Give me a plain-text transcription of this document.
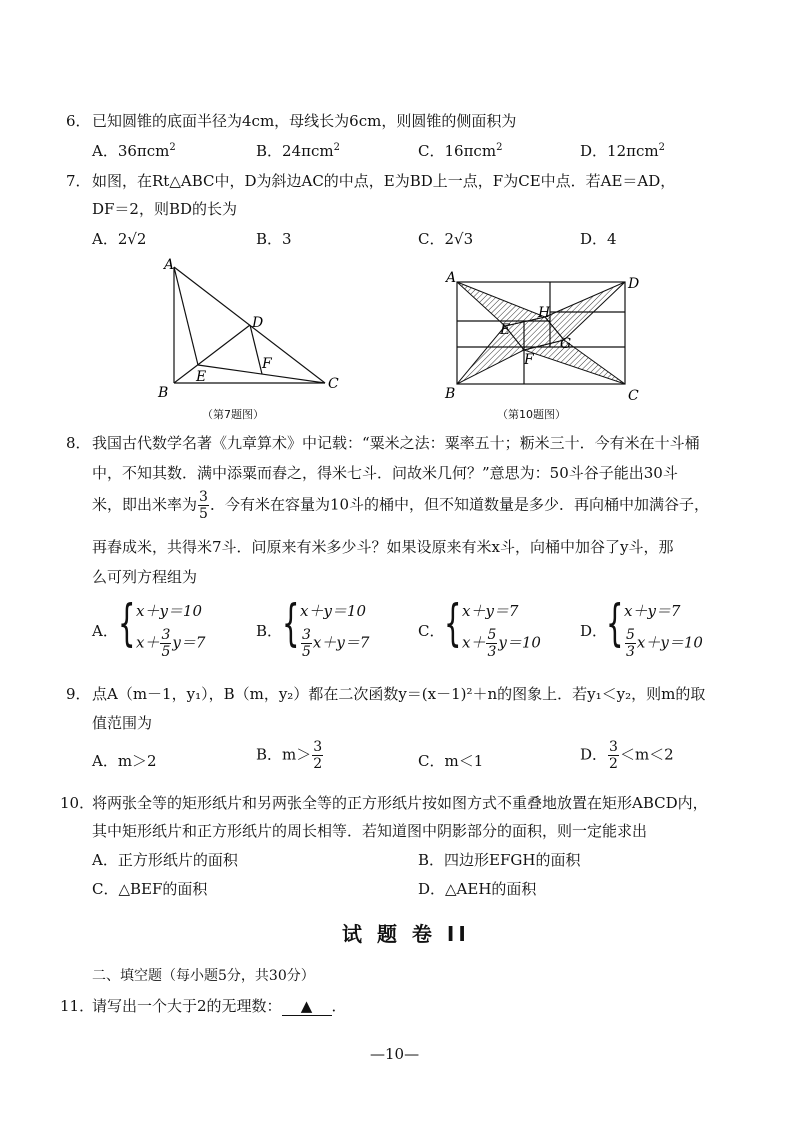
6． 已知圆锥的底面半径为4cm，母线长为6cm，则圆锥的侧面积为
A．36πcm$^2$	B．24πcm$^2$	C．16πcm$^2$	D．12πcm$^2$
7． 如图，在Rt△ABC中，D为斜边AC的中点，E为BD上一点，F为CE中点．若AE＝AD，
DF＝2，则BD的长为
A．2√2	B．3	C．2√3	D．4
A
B
C
D
E
F
（第7题图）
A
B	C
D
E
F
G
H
（第10题图）
8． 我国古代数学名著《九章算术》中记载：“粟米之法：粟率五十；粝米三十．今有米在十斗桶
中，不知其数．满中添粟而舂之，得米七斗．问故米几何？”意思为：50斗谷子能出30斗
米，即出米率为 $\frac{3}{5}$ ．今有米在容量为10斗的桶中，但不知道数量是多少．再向桶中加满谷子，
再舂成米，共得米7斗．问原来有米多少斗？如果设原来有米x斗，向桶中加谷了y斗，那
么可列方程组为
A． { x＋y＝10
$x+ \frac{3}{5} y=7$
B． { x＋y＝10
$\frac{3}{5} x+y=7$
C． { x＋y＝7
$x+ \frac{5}{3} y=10$
D．
{ x＋y＝7
$\frac{5}{3} x+y=10$
9． 点A（m－1，y₁），B（m，y₂）都在二次函数y＝(x－1)²＋n的图象上．若y₁＜y₂，则m的取
值范围为
A．m＞2	B．$m> \frac{3}{2}$	C．m＜1	D． $\frac{3}{2} <m<2$
10．
将两张全等的矩形纸片和另两张全等的正方形纸片按如图方式不重叠地放置在矩形ABCD内，
其中矩形纸片和正方形纸片的周长相等．若知道图中阴影部分的面积，则一定能求出
A．正方形纸片的面积	B．四边形EFGH的面积
C．△BEF的面积	D．△AEH的面积
试 题 卷 II
二、填空题（每小题5分，共30分）
11．
请写出一个大于2的无理数： ▲ ．
—10—
